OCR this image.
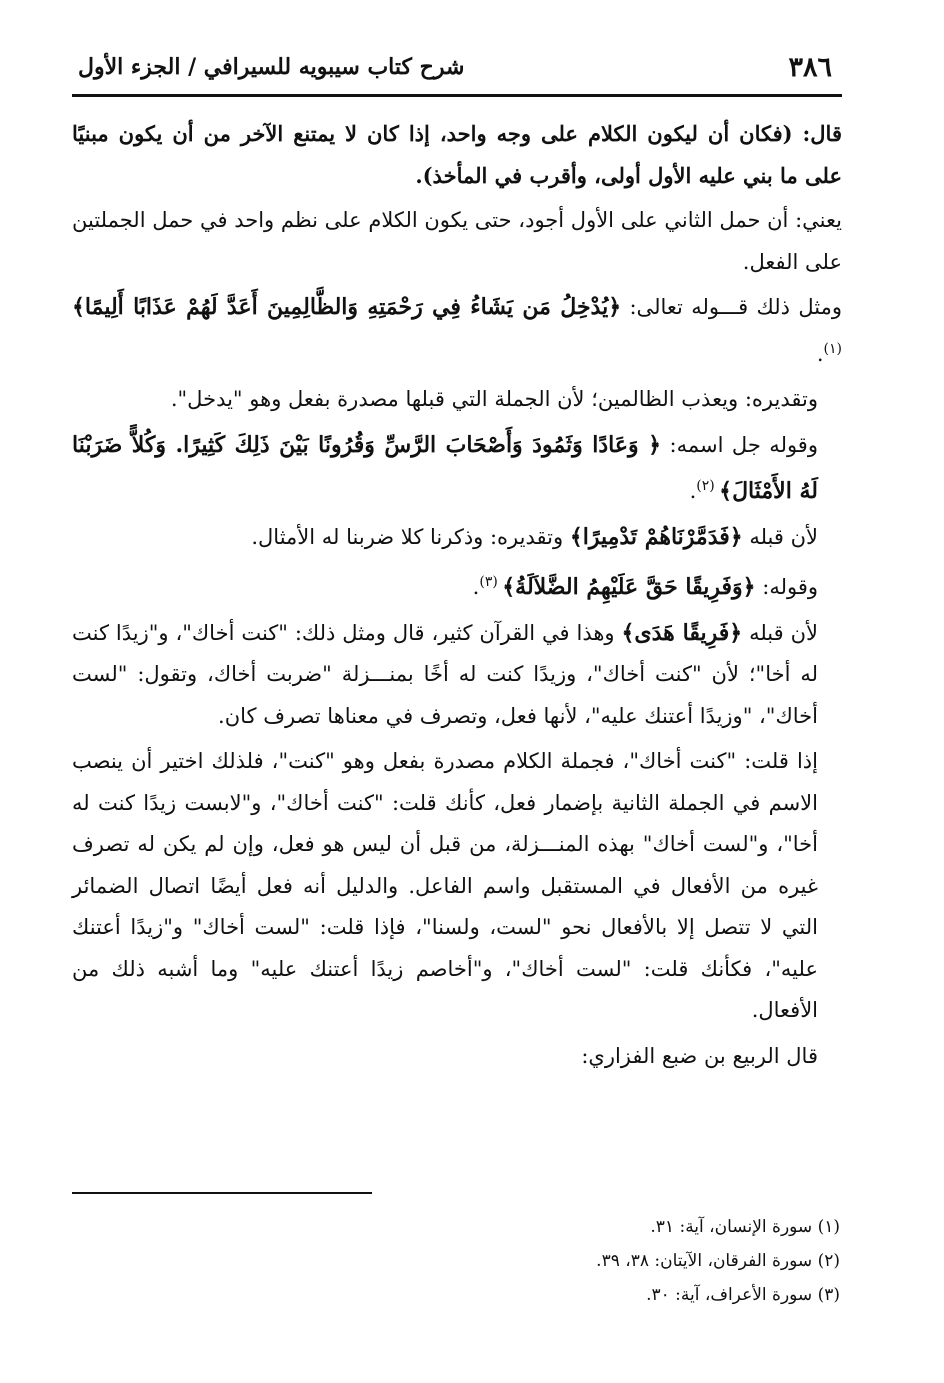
٣٨٦
شرح كتاب سيبويه للسيرافي / الجزء الأول

قال: (فكان أن ليكون الكلام على وجه واحد، إذا كان لا يمتنع الآخر من أن يكون مبنيًا على ما بني عليه الأول أولى، وأقرب في المأخذ).

يعني: أن حمل الثاني على الأول أجود، حتى يكون الكلام على نظم واحد في حمل الجملتين على الفعل.

ومثل ذلك قـــوله تعالى: ﴿يُدْخِلُ مَن يَشَاءُ فِي رَحْمَتِهِ وَالظَّالِمِينَ أَعَدَّ لَهُمْ عَذَابًا أَلِيمًا﴾$^{(١)}$.

وتقديره: ويعذب الظالمين؛ لأن الجملة التي قبلها مصدرة بفعل وهو "يدخل".

وقوله جل اسمه: ﴿ وَعَادًا وَثَمُودَ وَأَصْحَابَ الرَّسِّ وَقُرُونًا بَيْنَ ذَلِكَ كَثِيرًا. وَكُلاًّ ضَرَبْنَا لَهُ الأَمْثَالَ﴾ $^{(٢)}$.

لأن قبله ﴿فَدَمَّرْنَاهُمْ تَدْمِيرًا﴾ وتقديره: وذكرنا كلا ضربنا له الأمثال.

وقوله: ﴿وَفَرِيقًا حَقَّ عَلَيْهِمُ الضَّلاَلَةُ﴾ $^{(٣)}$.

لأن قبله ﴿فَرِيقًا هَدَى﴾ وهذا في القرآن كثير، قال ومثل ذلك: "كنت أخاك"، و"زيدًا كنت له أخا"؛ لأن "كنت أخاك"، وزيدًا كنت له أخًا بمنـــزلة "ضربت أخاك، وتقول: "لست أخاك"، "وزيدًا أعتنك عليه"، لأنها فعل، وتصرف في معناها تصرف كان.

إذا قلت: "كنت أخاك"، فجملة الكلام مصدرة بفعل وهو "كنت"، فلذلك اختير أن ينصب الاسم في الجملة الثانية بإضمار فعل، كأنك قلت: "كنت أخاك"، و"لابست زيدًا كنت له أخا"، و"لست أخاك" بهذه المنـــزلة، من قبل أن ليس هو فعل، وإن لم يكن له تصرف غيره من الأفعال في المستقبل واسم الفاعل. والدليل أنه فعل أيضًا اتصال الضمائر التي لا تتصل إلا بالأفعال نحو "لست، ولسنا"، فإذا قلت: "لست أخاك" و"زيدًا أعتنك عليه"، فكأنك قلت: "لست أخاك"، و"أخاصم زيدًا أعتنك عليه" وما أشبه ذلك من الأفعال.

قال الربيع بن ضبع الفزاري:

(١) سورة الإنسان، آية: ٣١.
(٢) سورة الفرقان، الآيتان: ٣٨، ٣٩.
(٣) سورة الأعراف، آية: ٣٠.
